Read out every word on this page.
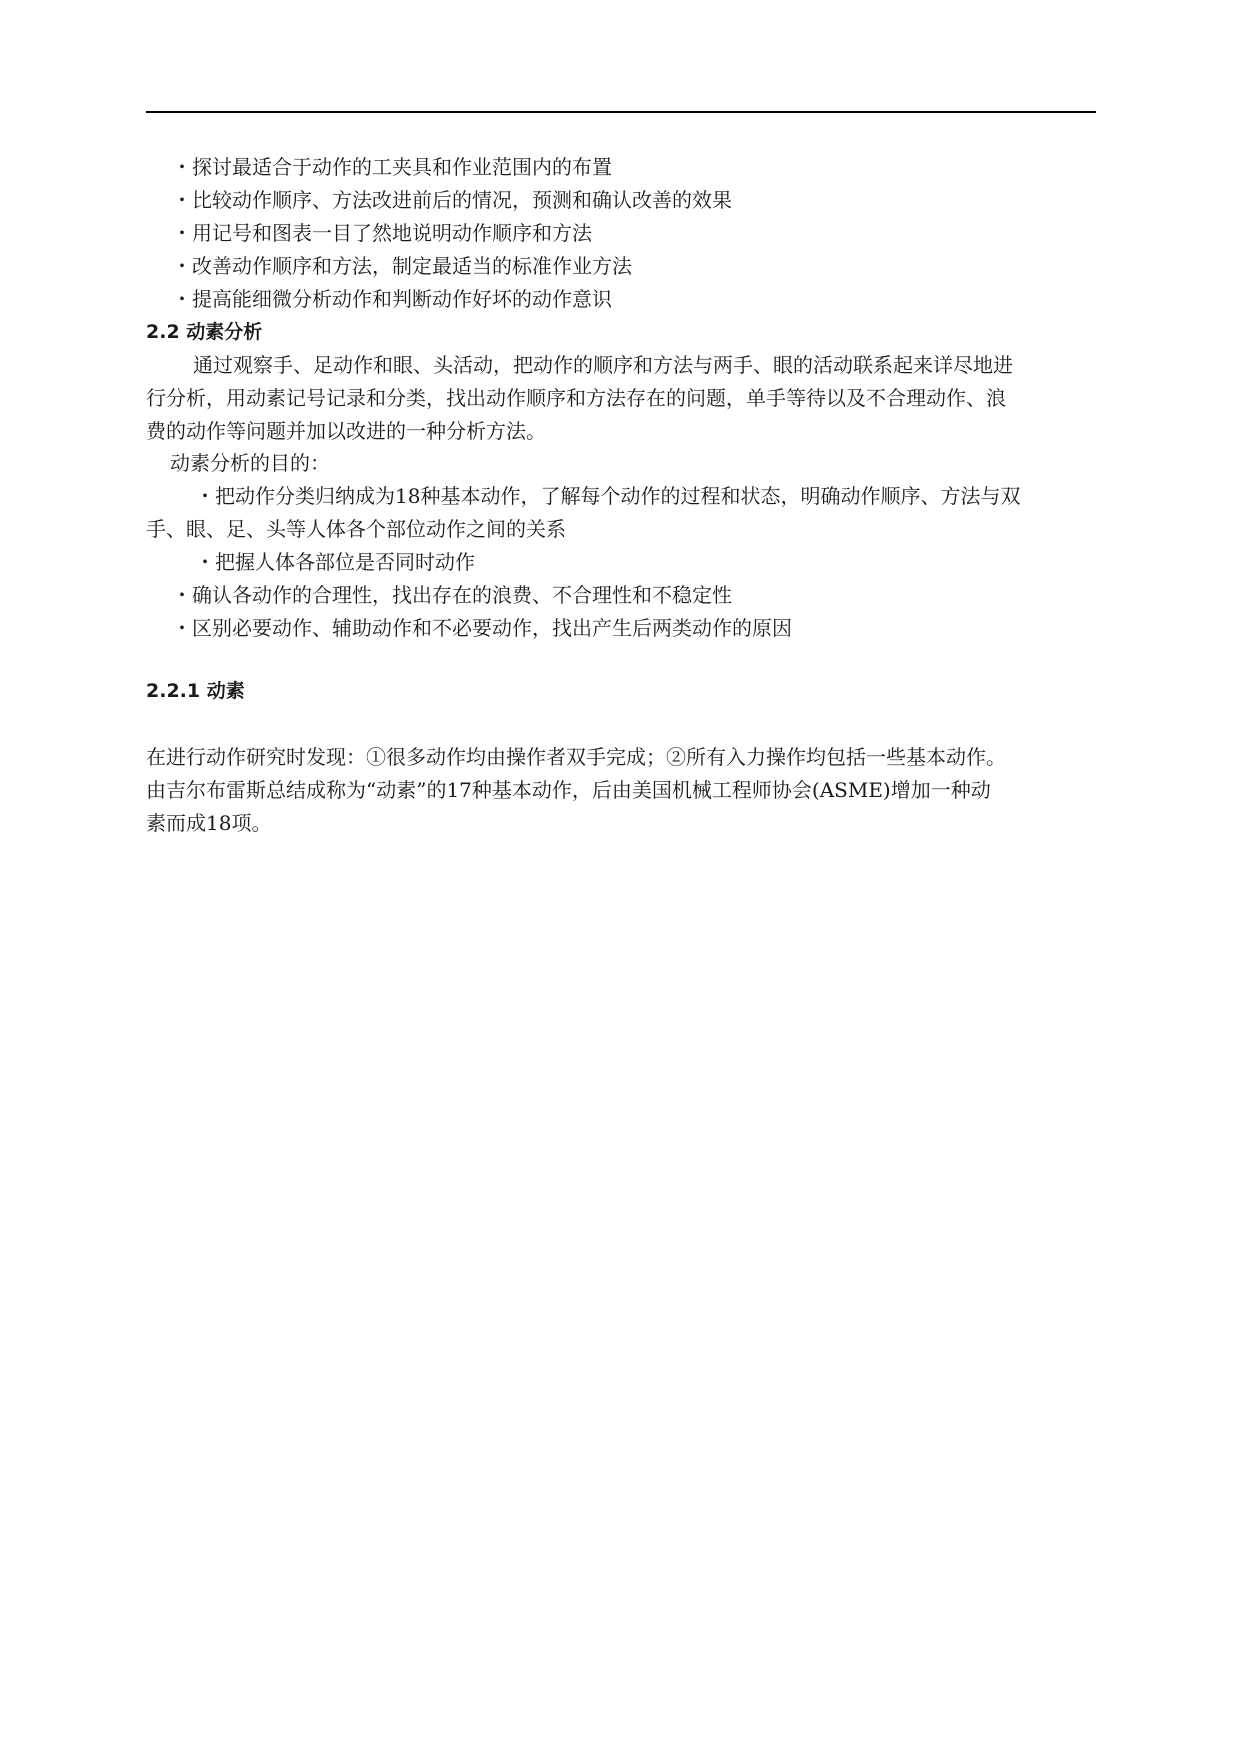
・探讨最适合于动作的工夹具和作业范围内的布置
・比较动作顺序、方法改进前后的情况，预测和确认改善的效果
・用记号和图表一目了然地说明动作顺序和方法
・改善动作顺序和方法，制定最适当的标准作业方法
・提高能细微分析动作和判断动作好坏的动作意识
2.2 动素分析
通过观察手、足动作和眼、头活动，把动作的顺序和方法与两手、眼的活动联系起来详尽地进
行分析，用动素记号记录和分类，找出动作顺序和方法存在的问题，单手等待以及不合理动作、浪
费的动作等问题并加以改进的一种分析方法。
动素分析的目的：
・把动作分类归纳成为18种基本动作，了解每个动作的过程和状态，明确动作顺序、方法与双
手、眼、足、头等人体各个部位动作之间的关系
・把握人体各部位是否同时动作
・确认各动作的合理性，找出存在的浪费、不合理性和不稳定性
・区别必要动作、辅助动作和不必要动作，找出产生后两类动作的原因
2.2.1 动素
在进行动作研究时发现：①很多动作均由操作者双手完成；②所有入力操作均包括一些基本动作。
由吉尔布雷斯总结成称为“动素”的17种基本动作，后由美国机械工程师协会(ASME)增加一种动
素而成18项。
